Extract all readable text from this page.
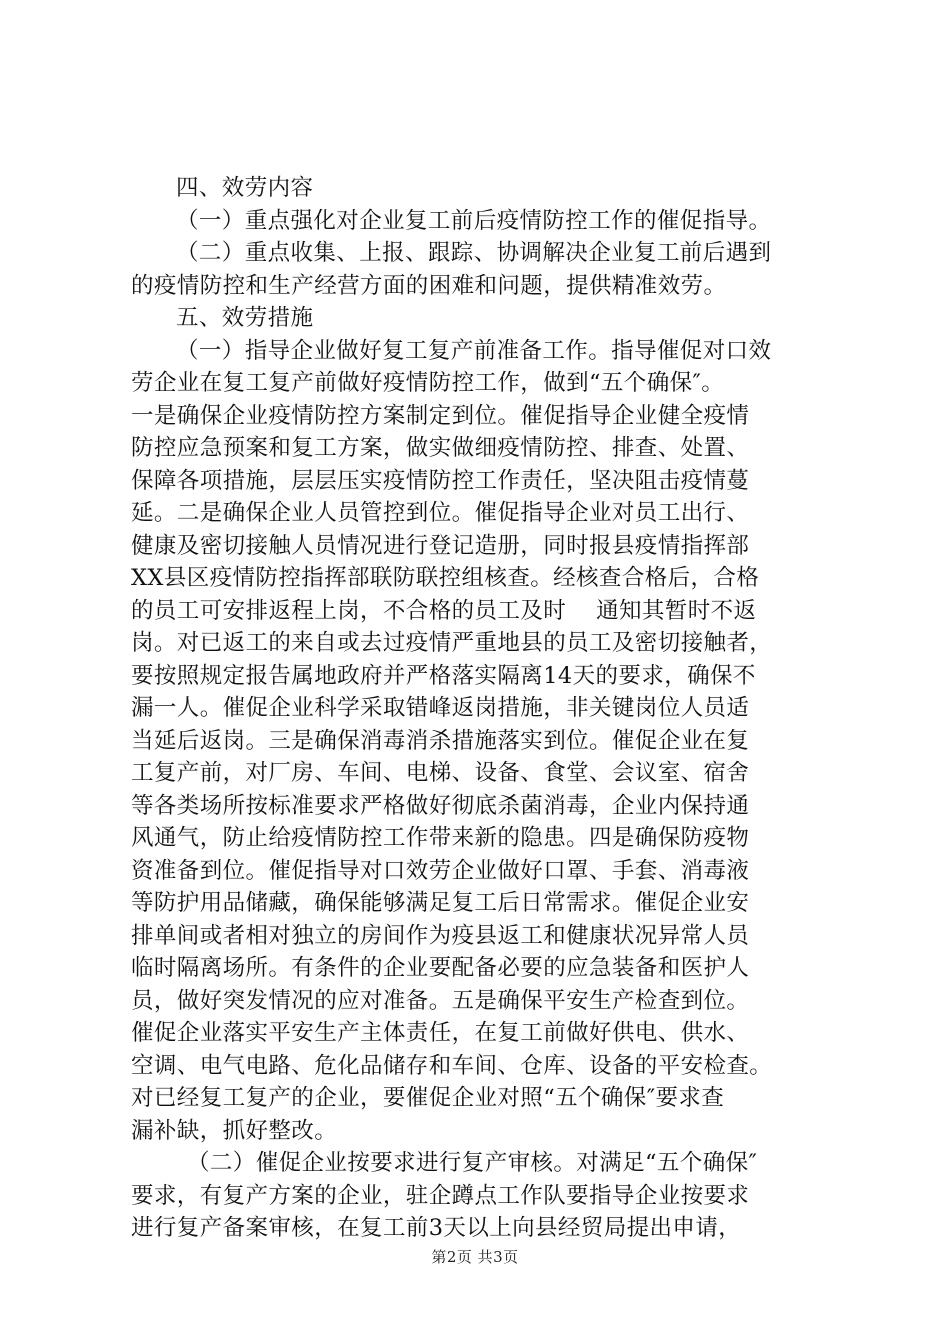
四、效劳内容
（一）重点强化对企业复工前后疫情防控工作的催促指导。
（二）重点收集、上报、跟踪、协调解决企业复工前后遇到
的疫情防控和生产经营方面的困难和问题，提供精准效劳。
五、效劳措施
（一）指导企业做好复工复产前准备工作。指导催促对口效
劳企业在复工复产前做好疫情防控工作，做到“五个确保″。
一是确保企业疫情防控方案制定到位。催促指导企业健全疫情
防控应急预案和复工方案，做实做细疫情防控、排查、处置、
保障各项措施，层层压实疫情防控工作责任，坚决阻击疫情蔓
延。二是确保企业人员管控到位。催促指导企业对员工出行、
健康及密切接触人员情况进行登记造册，同时报县疫情指挥部
XX县区疫情防控指挥部联防联控组核查。经核查合格后，合格
的员工可安排返程上岗，不合格的员工及时 通知其暂时不返
岗。对已返工的来自或去过疫情严重地县的员工及密切接触者，
要按照规定报告属地政府并严格落实隔离14天的要求，确保不
漏一人。催促企业科学采取错峰返岗措施，非关键岗位人员适
当延后返岗。三是确保消毒消杀措施落实到位。催促企业在复
工复产前，对厂房、车间、电梯、设备、食堂、会议室、宿舍
等各类场所按标准要求严格做好彻底杀菌消毒，企业内保持通
风通气，防止给疫情防控工作带来新的隐患。四是确保防疫物
资准备到位。催促指导对口效劳企业做好口罩、手套、消毒液
等防护用品储藏，确保能够满足复工后日常需求。催促企业安
排单间或者相对独立的房间作为疫县返工和健康状况异常人员
临时隔离场所。有条件的企业要配备必要的应急装备和医护人
员，做好突发情况的应对准备。五是确保平安生产检查到位。
催促企业落实平安生产主体责任，在复工前做好供电、供水、
空调、电气电路、危化品储存和车间、仓库、设备的平安检查。
对已经复工复产的企业，要催促企业对照“五个确保″要求查
漏补缺，抓好整改。
（二）催促企业按要求进行复产审核。对满足“五个确保″
要求，有复产方案的企业，驻企蹲点工作队要指导企业按要求
进行复产备案审核，在复工前3天以上向县经贸局提出申请，
第2页 共3页
